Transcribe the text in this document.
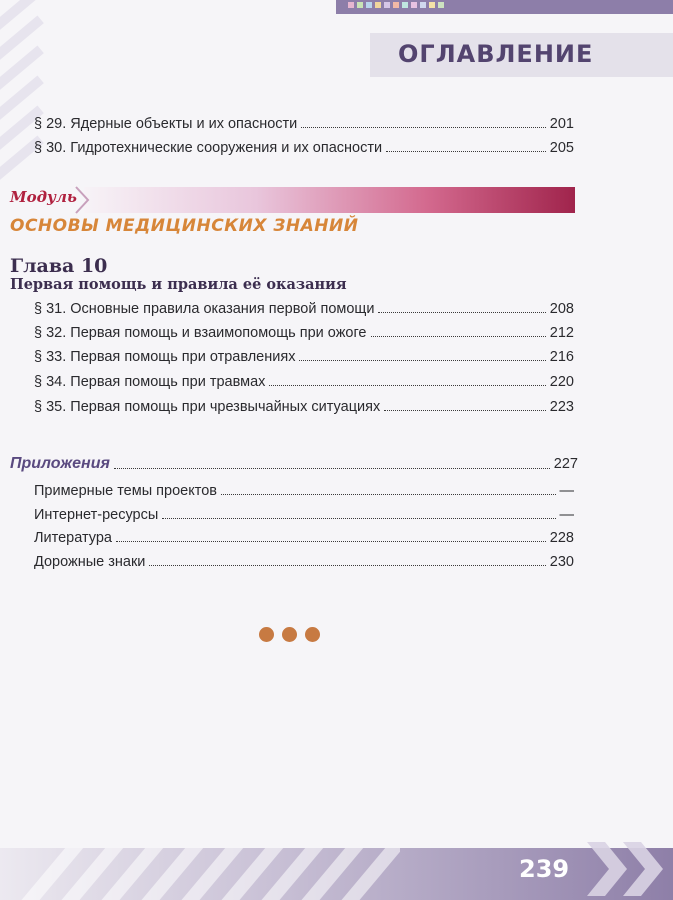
ОГЛАВЛЕНИЕ
§ 29. Ядерные объекты и их опасности	201
§ 30. Гидротехнические сооружения и их опасности	205
Модуль
ОСНОВЫ МЕДИЦИНСКИХ ЗНАНИЙ
Глава 10
Первая помощь и правила её оказания
§ 31. Основные правила оказания первой помощи	208
§ 32. Первая помощь и взаимопомощь при ожоге	212
§ 33. Первая помощь при отравлениях	216
§ 34. Первая помощь при травмах	220
§ 35. Первая помощь при чрезвычайных ситуациях	223
Приложения	227
Примерные темы проектов	—
Интернет-ресурсы	—
Литература	228
Дорожные знаки	230
239
